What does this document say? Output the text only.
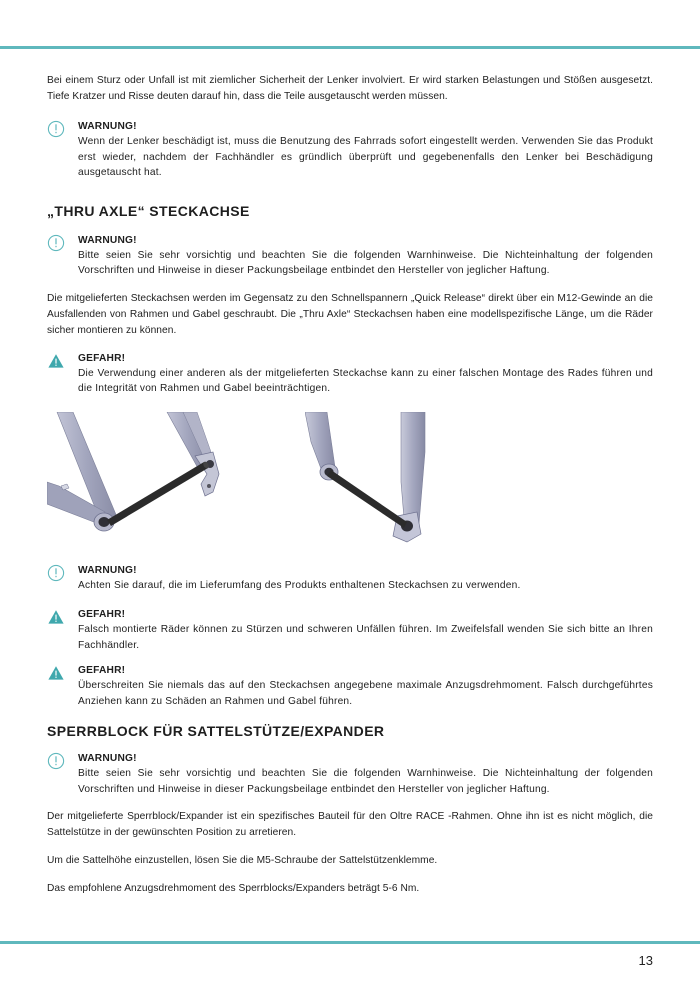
Bei einem Sturz oder Unfall ist mit ziemlicher Sicherheit der Lenker involviert. Er wird starken Belastungen und Stößen ausgesetzt. Tiefe Kratzer und Risse deuten darauf hin, dass die Teile ausgetauscht werden müssen.

WARNUNG!
Wenn der Lenker beschädigt ist, muss die Benutzung des Fahrrads sofort eingestellt werden. Verwenden Sie das Produkt erst wieder, nachdem der Fachhändler es gründlich überprüft und gegebenenfalls den Lenker bei Beschädigung ausgetauscht hat.
„THRU AXLE“ STECKACHSE
WARNUNG!
Bitte seien Sie sehr vorsichtig und beachten Sie die folgenden Warnhinweise. Die Nichteinhaltung der folgenden Vorschriften und Hinweise in dieser Packungsbeilage entbindet den Hersteller von jeglicher Haftung.

Die mitgelieferten Steckachsen werden im Gegensatz zu den Schnellspannern „Quick Release“ direkt über ein M12-Gewinde an die Ausfallenden von Rahmen und Gabel geschraubt. Die „Thru Axle“ Steckachsen haben eine modellspezifische Länge, um die Räder sicher montieren zu können.

GEFAHR!
Die Verwendung einer anderen als der mitgelieferten Steckachse kann zu einer falschen Montage des Rades führen und die Integrität von Rahmen und Gabel beeinträchtigen.
WARNUNG!
Achten Sie darauf, die im Lieferumfang des Produkts enthaltenen Steckachsen zu verwenden.
GEFAHR!
Falsch montierte Räder können zu Stürzen und schweren Unfällen führen. Im Zweifelsfall wenden Sie sich bitte an Ihren Fachhändler.
GEFAHR!
Überschreiten Sie niemals das auf den Steckachsen angegebene maximale Anzugsdrehmoment. Falsch durchgeführtes Anziehen kann zu Schäden an Rahmen und Gabel führen.
SPERRBLOCK FÜR SATTELSTÜTZE/EXPANDER
WARNUNG!
Bitte seien Sie sehr vorsichtig und beachten Sie die folgenden Warnhinweise. Die Nichteinhaltung der folgenden Vorschriften und Hinweise in dieser Packungsbeilage entbindet den Hersteller von jeglicher Haftung.

Der mitgelieferte Sperrblock/Expander ist ein spezifisches Bauteil für den Oltre RACE -Rahmen. Ohne ihn ist es nicht möglich, die Sattelstütze in der gewünschten Position zu arretieren.

Um die Sattelhöhe einzustellen, lösen Sie die M5-Schraube der Sattelstützenklemme.

Das empfohlene Anzugsdrehmoment des Sperrblocks/Expanders beträgt 5-6 Nm.

13
